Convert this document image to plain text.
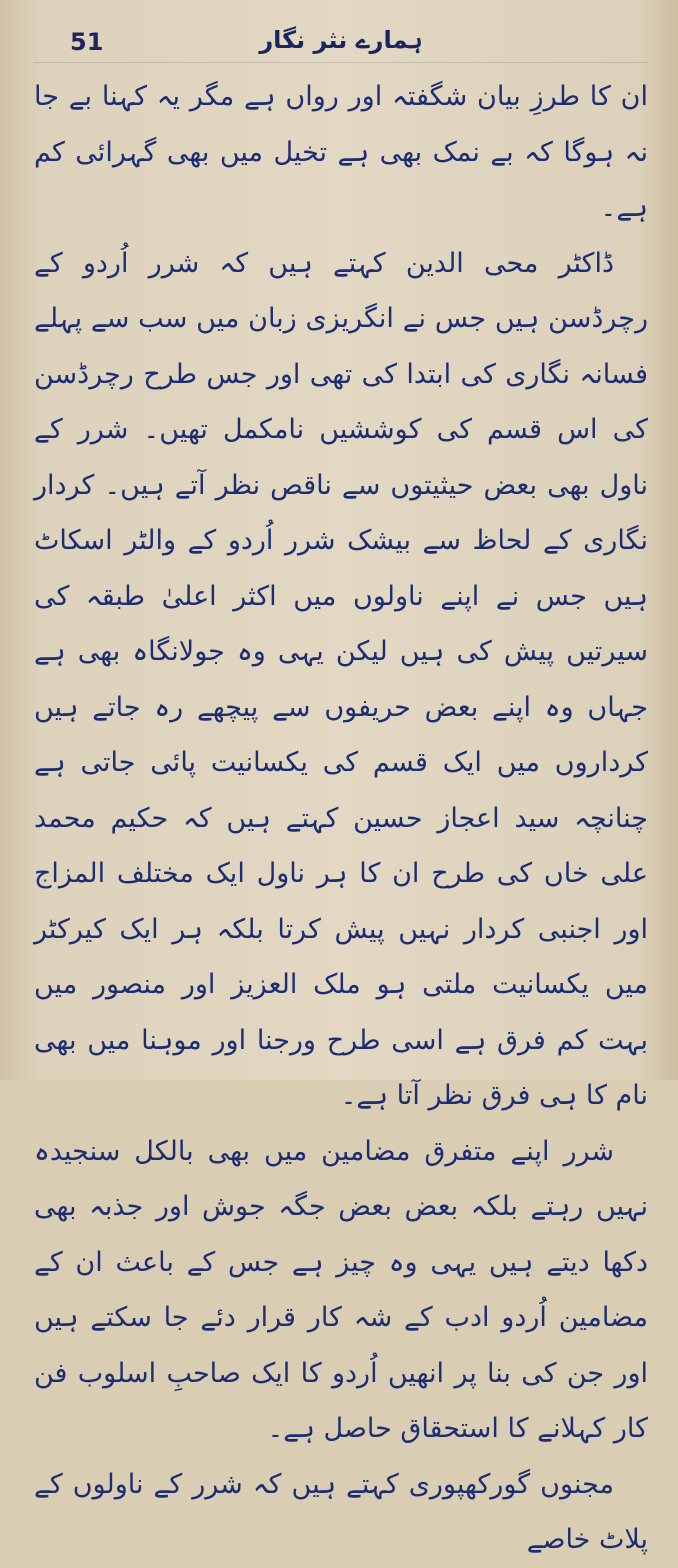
51	ہمارے نثر نگار

ان کا طرزِ بیان شگفتہ اور رواں ہے مگر یہ کہنا بے جا نہ ہوگا کہ بے نمک بھی ہے تخیل میں بھی گہرائی کم ہے۔

ڈاکٹر محی الدین کہتے ہیں کہ شرر اُردو کے رچرڈسن ہیں جس نے انگریزی زبان میں سب سے پہلے فسانہ نگاری کی ابتدا کی تھی اور جس طرح رچرڈسن کی اس قسم کی کوششیں نامکمل تھیں۔ شرر کے ناول بھی بعض حیثیتوں سے ناقص نظر آتے ہیں۔ کردار نگاری کے لحاظ سے بیشک شرر اُردو کے والٹر اسکاٹ ہیں جس نے اپنے ناولوں میں اکثر اعلیٰ طبقہ کی سیرتیں پیش کی ہیں لیکن یہی وہ جولانگاہ بھی ہے جہاں وہ اپنے بعض حریفوں سے پیچھے رہ جاتے ہیں کرداروں میں ایک قسم کی یکسانیت پائی جاتی ہے چنانچہ سید اعجاز حسین کہتے ہیں کہ حکیم محمد علی خاں کی طرح ان کا ہر ناول ایک مختلف المزاج اور اجنبی کردار نہیں پیش کرتا بلکہ ہر ایک کیرکٹر میں یکسانیت ملتی ہو ملک العزیز اور منصور میں بہت کم فرق ہے اسی طرح ورجنا اور موہنا میں بھی نام کا ہی فرق نظر آتا ہے۔

شرر اپنے متفرق مضامین میں بھی بالکل سنجیدہ نہیں رہتے بلکہ بعض بعض جگہ جوش اور جذبہ بھی دکھا دیتے ہیں یہی وہ چیز ہے جس کے باعث ان کے مضامین اُردو ادب کے شہ کار قرار دئے جا سکتے ہیں اور جن کی بنا پر انھیں اُردو کا ایک صاحبِ اسلوب فن کار کہلانے کا استحقاق حاصل ہے۔

مجنوں گورکھپوری کہتے ہیں کہ شرر کے ناولوں کے پلاٹ خاصے
